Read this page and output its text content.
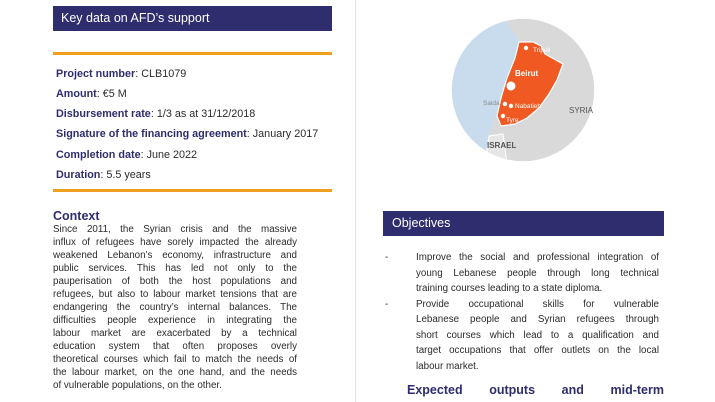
Key data on AFD’s support
Project number: CLB1079
Amount: €5 M
Disbursement rate: 1/3 as at 31/12/2018
Signature of the financing agreement: January 2017
Completion date: June 2022
Duration: 5.5 years
Context
Since 2011, the Syrian crisis and the massive
influx of refugees have sorely impacted the already
weakened Lebanon’s economy, infrastructure and
public services. This has led not only to the
pauperisation of both the host populations and
refugees, but also to labour market tensions that are
endangering the country’s internal balances. The
difficulties people experience in integrating the
labour market are exacerbated by a technical
education system that often proposes overly
theoretical courses which fail to match the needs of
the labour market, on the one hand, and the needs
of vulnerable populations, on the other.
Tripoli
Beirut
Saida Nabatieh
Tyre
SYRIA
ISRAEL
Objectives
-	Improve the social and professional integration of
young Lebanese people through long technical
training courses leading to a state diploma.
-	Provide occupational skills for vulnerable
Lebanese people and Syrian refugees through
short courses which lead to a qualification and
target occupations that offer outlets on the local
labour market.
Expected outputs and mid-term
